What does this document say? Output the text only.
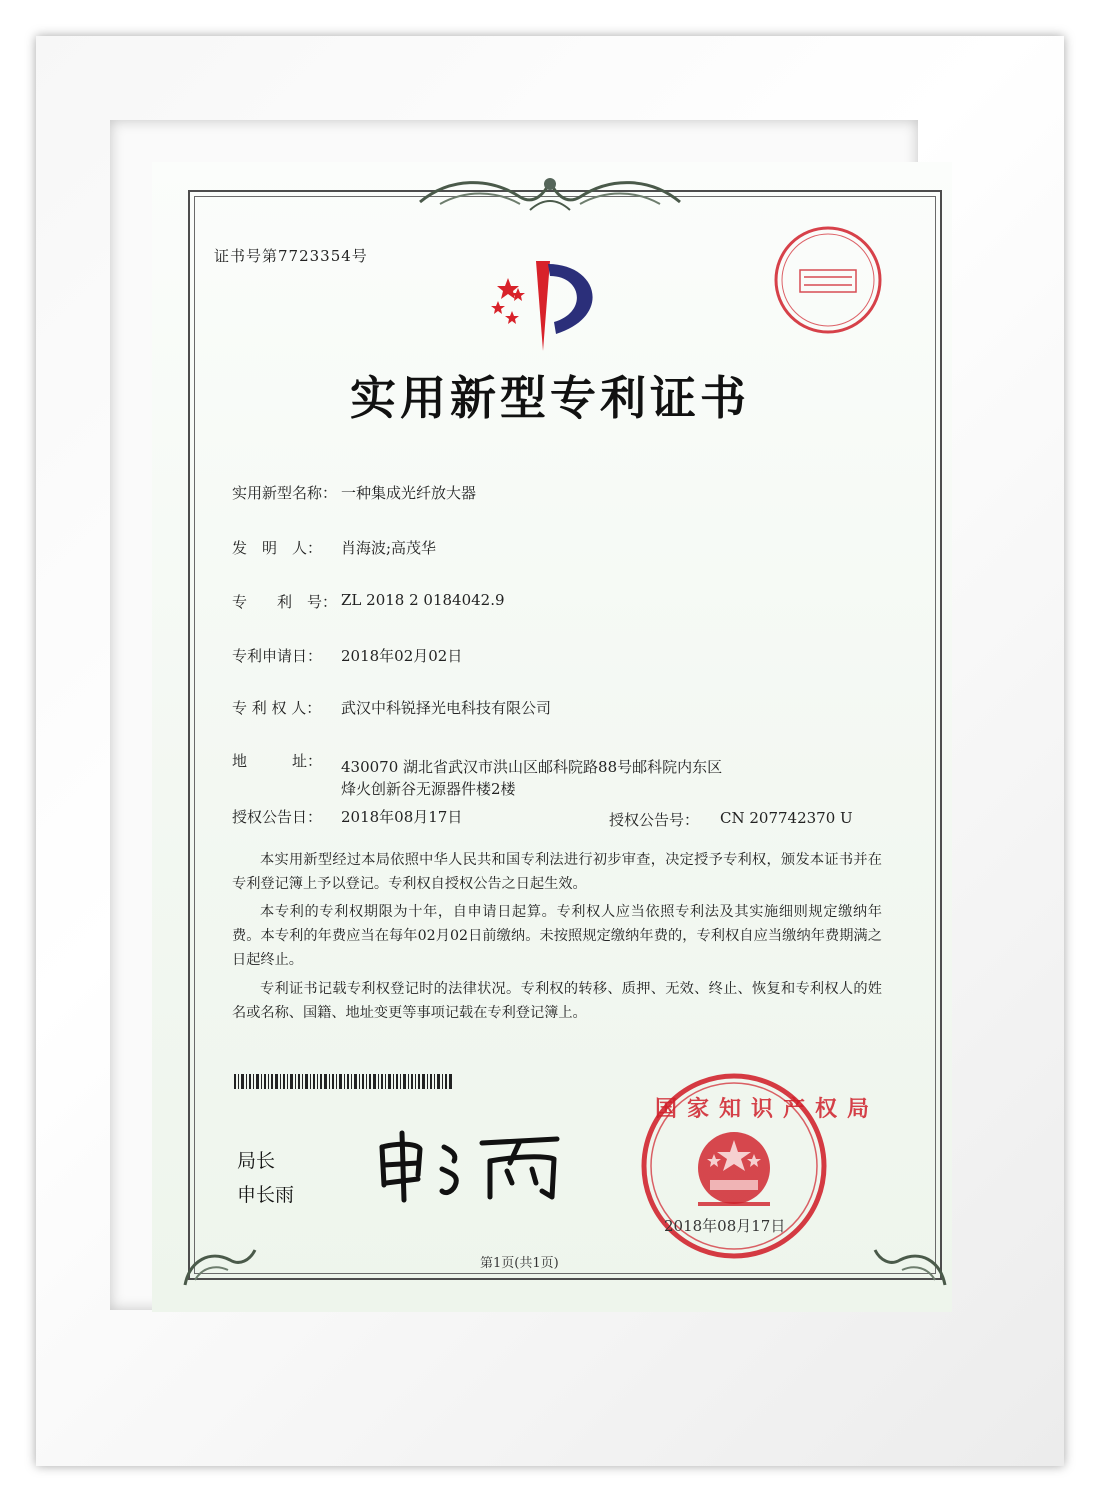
证书号第7723354号
实用新型专利证书
实用新型名称： 一种集成光纤放大器
发　明　人： 肖海波;高茂华
专　　利　号： ZL 2018 2 0184042.9
专利申请日： 2018年02月02日
专 利 权 人： 武汉中科锐择光电科技有限公司
地　　　址： 430070 湖北省武汉市洪山区邮科院路88号邮科院内东区
烽火创新谷无源器件楼2楼
授权公告日： 2018年08月17日	授权公告号： CN 207742370 U
本实用新型经过本局依照中华人民共和国专利法进行初步审查，决定授予专利权，颁发本证书并在专利登记簿上予以登记。专利权自授权公告之日起生效。
本专利的专利权期限为十年，自申请日起算。专利权人应当依照专利法及其实施细则规定缴纳年费。本专利的年费应当在每年02月02日前缴纳。未按照规定缴纳年费的，专利权自应当缴纳年费期满之日起终止。
专利证书记载专利权登记时的法律状况。专利权的转移、质押、无效、终止、恢复和专利权人的姓名或名称、国籍、地址变更等事项记载在专利登记簿上。
局长
申长雨
国家知识产权局
2018年08月17日
第1页(共1页)
